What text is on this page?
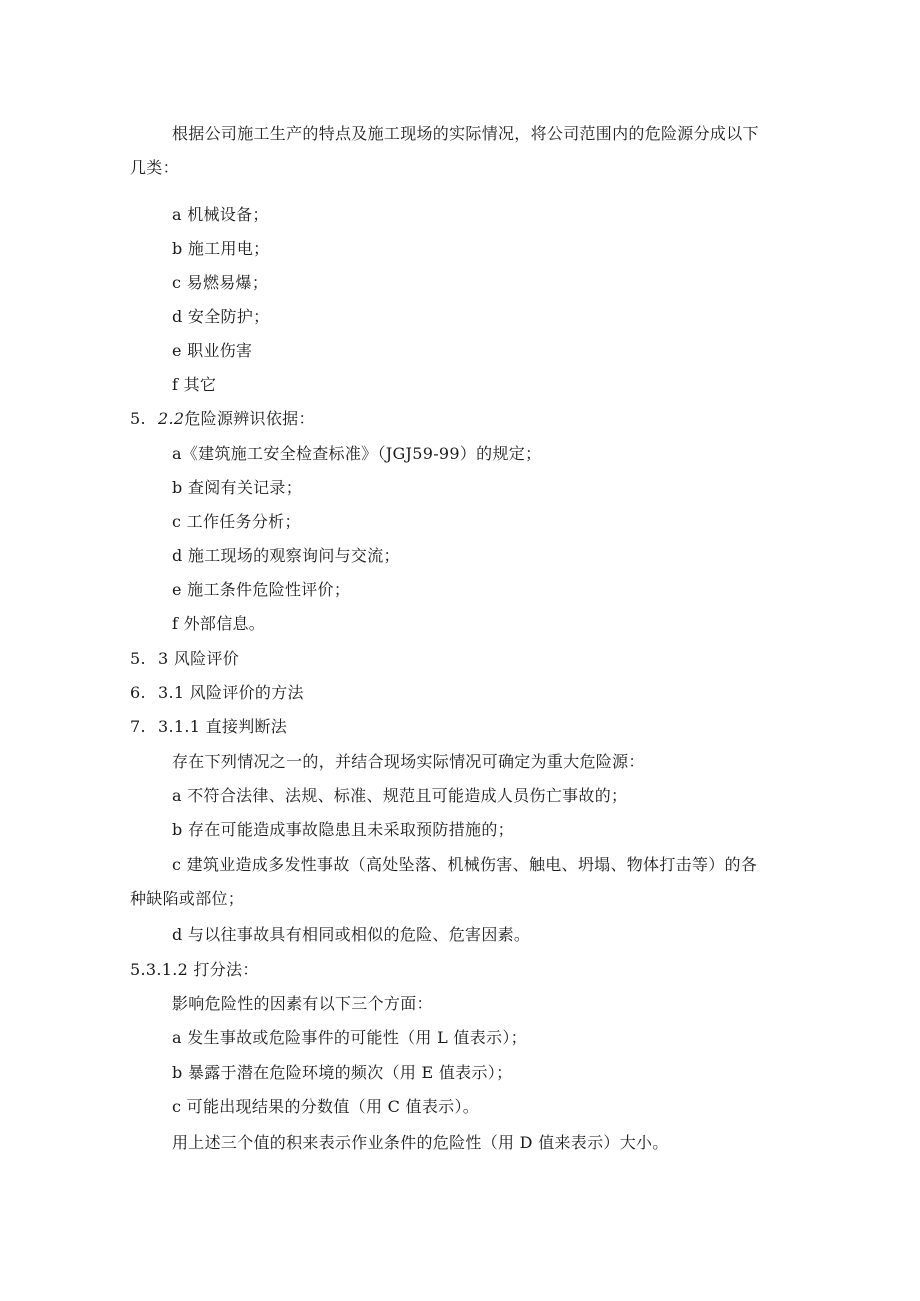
根据公司施工生产的特点及施工现场的实际情况，将公司范围内的危险源分成以下
几类：
a 机械设备；
b 施工用电；
c 易燃易爆；
d 安全防护；
e 职业伤害
f 其它
5. 2.2危险源辨识依据：
a《建筑施工安全检查标准》（JGJ59-99）的规定；
b 查阅有关记录；
c 工作任务分析；
d 施工现场的观察询问与交流；
e 施工条件危险性评价；
f 外部信息。
5. 3 风险评价
6. 3.1 风险评价的方法
7. 3.1.1 直接判断法
存在下列情况之一的，并结合现场实际情况可确定为重大危险源：
a 不符合法律、法规、标准、规范且可能造成人员伤亡事故的；
b 存在可能造成事故隐患且未采取预防措施的；
c 建筑业造成多发性事故（高处坠落、机械伤害、触电、坍塌、物体打击等）的各
种缺陷或部位；
d 与以往事故具有相同或相似的危险、危害因素。
5.3.1.2 打分法：
影响危险性的因素有以下三个方面：
a 发生事故或危险事件的可能性（用 L 值表示）；
b 暴露于潜在危险环境的频次（用 E 值表示）；
c 可能出现结果的分数值（用 C 值表示）。
用上述三个值的积来表示作业条件的危险性（用 D 值来表示）大小。
